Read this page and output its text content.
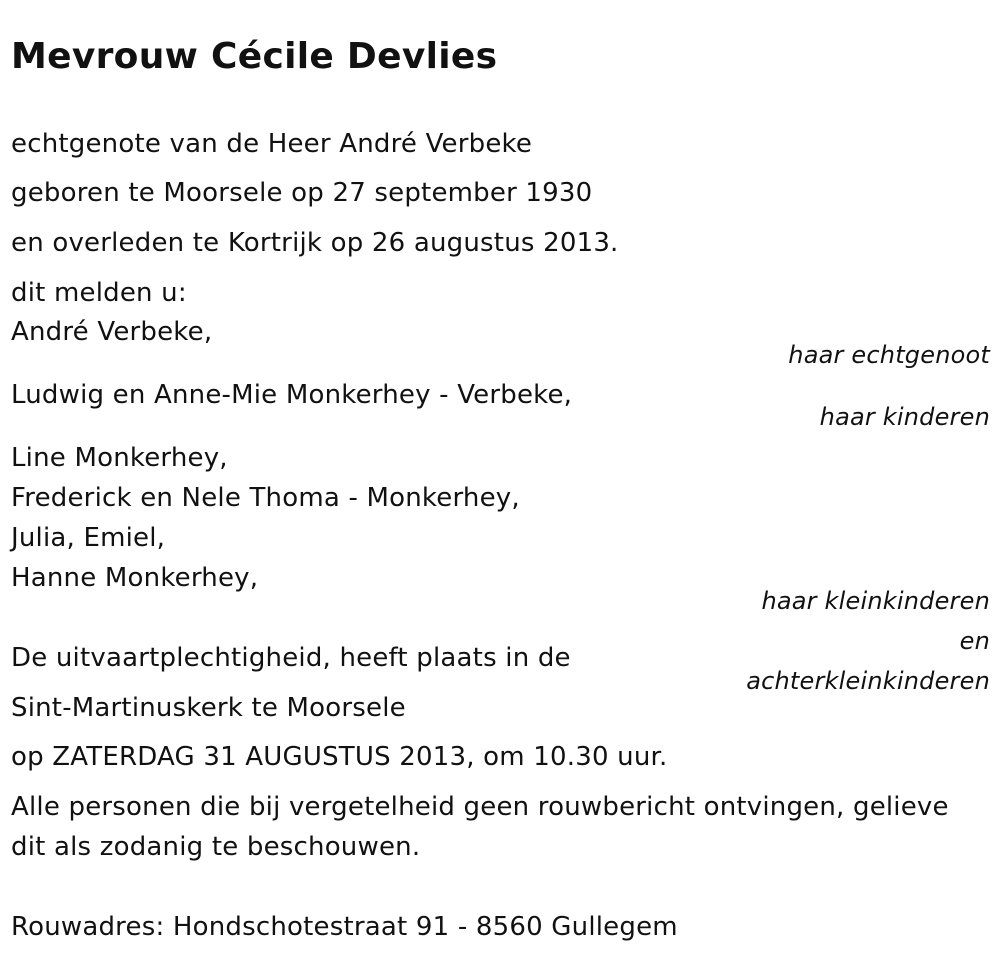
Mevrouw Cécile Devlies
echtgenote van de Heer André Verbeke
geboren te Moorsele op 27 september 1930
en overleden te Kortrijk op 26 augustus 2013.
dit melden u:
André Verbeke,
haar echtgenoot
Ludwig en Anne-Mie Monkerhey - Verbeke,
haar kinderen
Line Monkerhey,
Frederick en Nele Thoma - Monkerhey,
Julia, Emiel,
Hanne Monkerhey,
haar kleinkinderen
en
achterkleinkinderen
De uitvaartplechtigheid, heeft plaats in de
Sint-Martinuskerk te Moorsele
op ZATERDAG 31 AUGUSTUS 2013, om 10.30 uur.
Alle personen die bij vergetelheid geen rouwbericht ontvingen, gelieve
dit als zodanig te beschouwen.
Rouwadres: Hondschotestraat 91 - 8560 Gullegem
